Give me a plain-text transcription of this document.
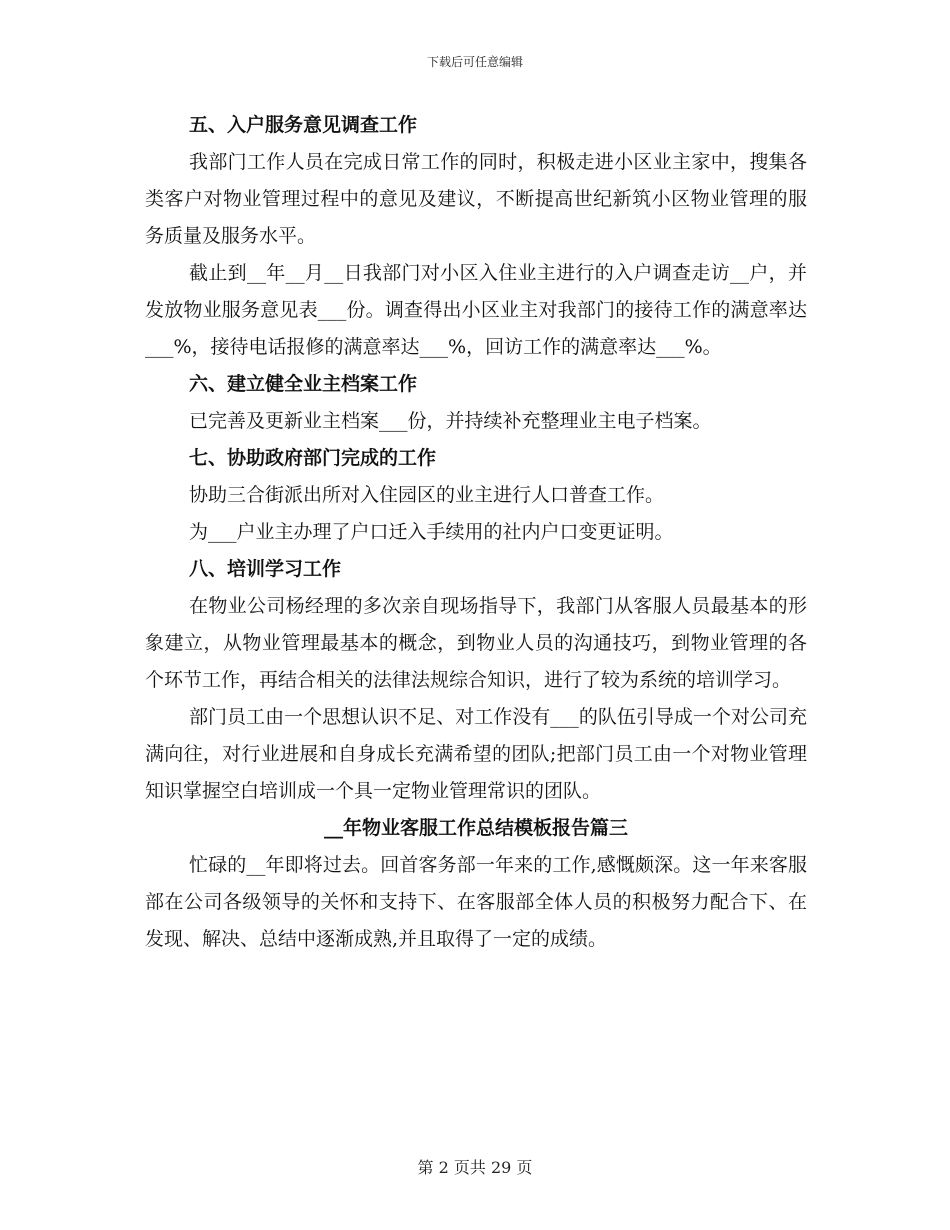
下载后可任意编辑
五、入户服务意见调查工作
我部门工作人员在完成日常工作的同时，积极走进小区业主家中，搜集各类客户对物业管理过程中的意见及建议，不断提高世纪新筑小区物业管理的服务质量及服务水平。
截止到__年__月__日我部门对小区入住业主进行的入户调查走访__户，并发放物业服务意见表___份。调查得出小区业主对我部门的接待工作的满意率达___%，接待电话报修的满意率达___%，回访工作的满意率达___%。
六、建立健全业主档案工作
已完善及更新业主档案___份，并持续补充整理业主电子档案。
七、协助政府部门完成的工作
协助三合街派出所对入住园区的业主进行人口普查工作。
为___户业主办理了户口迁入手续用的社内户口变更证明。
八、培训学习工作
在物业公司杨经理的多次亲自现场指导下，我部门从客服人员最基本的形象建立，从物业管理最基本的概念，到物业人员的沟通技巧，到物业管理的各个环节工作，再结合相关的法律法规综合知识，进行了较为系统的培训学习。
部门员工由一个思想认识不足、对工作没有___的队伍引导成一个对公司充满向往，对行业进展和自身成长充满希望的团队;把部门员工由一个对物业管理知识掌握空白培训成一个具一定物业管理常识的团队。
__年物业客服工作总结模板报告篇三
忙碌的__年即将过去。回首客务部一年来的工作,感慨颇深。这一年来客服部在公司各级领导的关怀和支持下、在客服部全体人员的积极努力配合下、在发现、解决、总结中逐渐成熟,并且取得了一定的成绩。
第 2 页共 29 页
